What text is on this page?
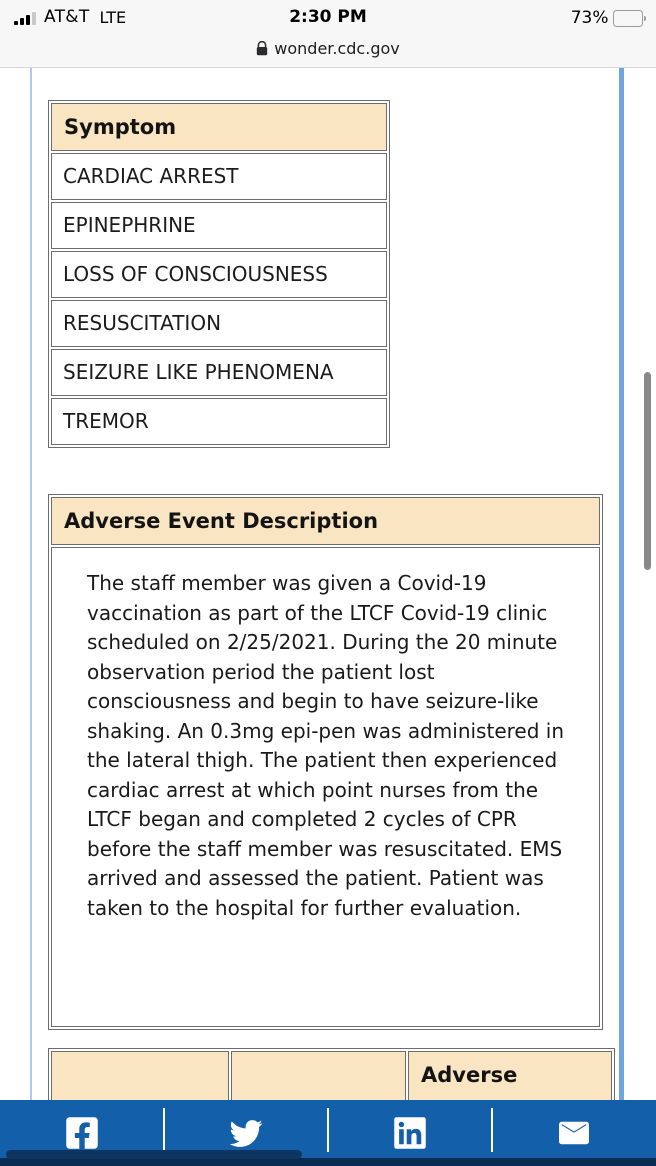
AT&T LTE	2:30 PM	73%
wonder.cdc.gov
Symptom
CARDIAC ARREST
EPINEPHRINE
LOSS OF CONSCIOUSNESS
RESUSCITATION
SEIZURE LIKE PHENOMENA
TREMOR
Adverse Event Description
The staff member was given a Covid-19 vaccination as part of the LTCF Covid-19 clinic scheduled on 2/25/2021. During the 20 minute observation period the patient lost consciousness and begin to have seizure-like shaking. An 0.3mg epi-pen was administered in the lateral thigh. The patient then experienced cardiac arrest at which point nurses from the LTCF began and completed 2 cycles of CPR before the staff member was resuscitated. EMS arrived and assessed the patient. Patient was taken to the hospital for further evaluation.
		Adverse
